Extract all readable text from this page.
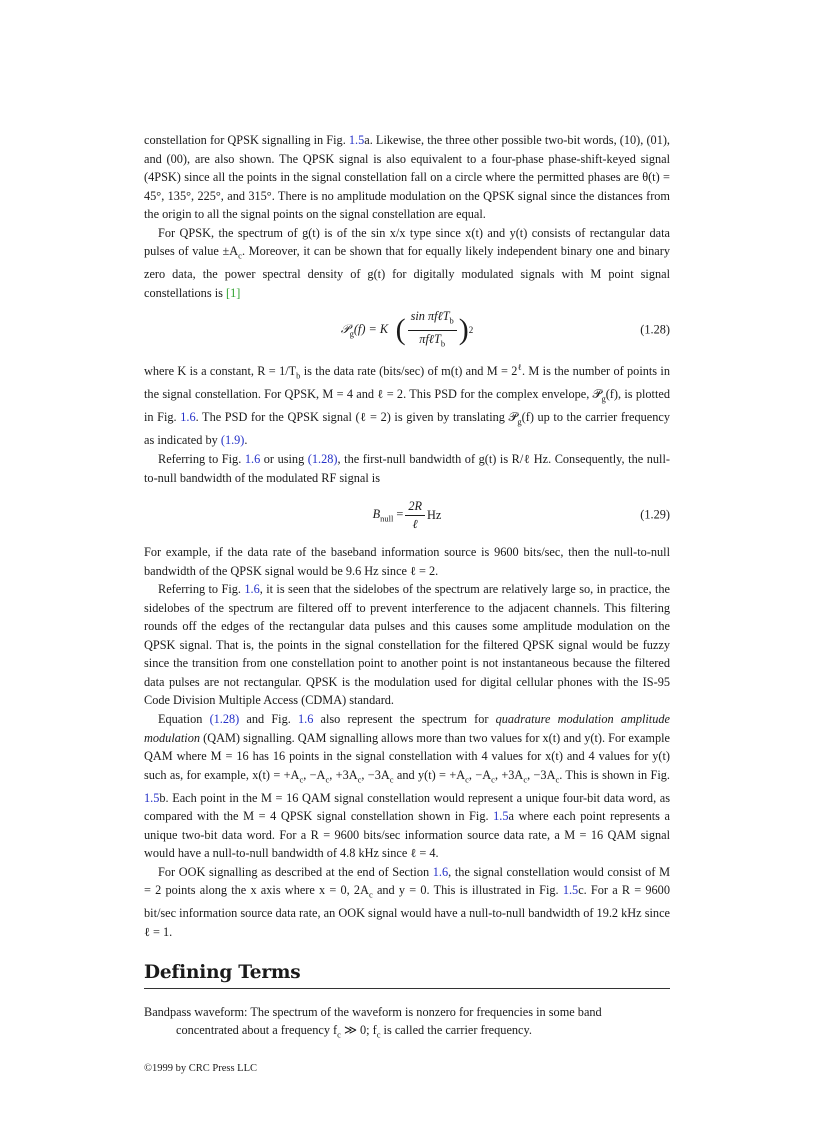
constellation for QPSK signalling in Fig. 1.5a. Likewise, the three other possible two-bit words, (10), (01), and (00), are also shown. The QPSK signal is also equivalent to a four-phase phase-shift-keyed signal (4PSK) since all the points in the signal constellation fall on a circle where the permitted phases are θ(t) = 45°, 135°, 225°, and 315°. There is no amplitude modulation on the QPSK signal since the distances from the origin to all the signal points on the signal constellation are equal.

For QPSK, the spectrum of g(t) is of the sin x/x type since x(t) and y(t) consists of rectangular data pulses of value $\pm A_c$. Moreover, it can be shown that for equally likely independent binary one and binary zero data, the power spectral density of g(t) for digitally modulated signals with M point signal constellations is [1]

𝒫$_g$(f) = K ( $\frac{\sin \pi f\ell T_b}{\pi f\ell T_b}$ ) 2	(1.28)

where K is a constant, $R = 1/T_b$ is the data rate (bits/sec) of m(t) and $M = 2^\ell$. M is the number of points in the signal constellation. For QPSK, M = 4 and ℓ = 2. This PSD for the complex envelope, 𝒫$_g$(f), is plotted in Fig. 1.6. The PSD for the QPSK signal (ℓ = 2) is given by translating 𝒫$_g$(f) up to the carrier frequency as indicated by (1.9).

Referring to Fig. 1.6 or using (1.28), the first-null bandwidth of g(t) is R/ℓ Hz. Consequently, the null-to-null bandwidth of the modulated RF signal is

$B_{null} = \frac{2R}{\text{ℓ}}$ Hz	(1.29)

For example, if the data rate of the baseband information source is 9600 bits/sec, then the null-to-null bandwidth of the QPSK signal would be 9.6 Hz since ℓ = 2.

Referring to Fig. 1.6, it is seen that the sidelobes of the spectrum are relatively large so, in practice, the sidelobes of the spectrum are filtered off to prevent interference to the adjacent channels. This filtering rounds off the edges of the rectangular data pulses and this causes some amplitude modulation on the QPSK signal. That is, the points in the signal constellation for the filtered QPSK signal would be fuzzy since the transition from one constellation point to another point is not instantaneous because the filtered data pulses are not rectangular. QPSK is the modulation used for digital cellular phones with the IS-95 Code Division Multiple Access (CDMA) standard.

Equation (1.28) and Fig. 1.6 also represent the spectrum for quadrature modulation amplitude modulation (QAM) signalling. QAM signalling allows more than two values for x(t) and y(t). For example QAM where M = 16 has 16 points in the signal constellation with 4 values for x(t) and 4 values for y(t) such as, for example, $x(t) = +A_c$, $-A_c$, $+3A_c$, $-3A_c$ and $y(t) = +A_c$, $-A_c$, $+3A_c$, $-3A_c$. This is shown in Fig. 1.5b. Each point in the M = 16 QAM signal constellation would represent a unique four-bit data word, as compared with the M = 4 QPSK signal constellation shown in Fig. 1.5a where each point represents a unique two-bit data word. For a R = 9600 bits/sec information source data rate, a M = 16 QAM signal would have a null-to-null bandwidth of 4.8 kHz since ℓ = 4.

For OOK signalling as described at the end of Section 1.6, the signal constellation would consist of M = 2 points along the x axis where x = 0, $2A_c$ and y = 0. This is illustrated in Fig. 1.5c. For a R = 9600 bit/sec information source data rate, an OOK signal would have a null-to-null bandwidth of 19.2 kHz since ℓ = 1.

Defining Terms
Bandpass waveform: The spectrum of the waveform is nonzero for frequencies in some band
concentrated about a frequency $f_c$ ≫ 0; $f_c$ is called the carrier frequency.
©1999 by CRC Press LLC
